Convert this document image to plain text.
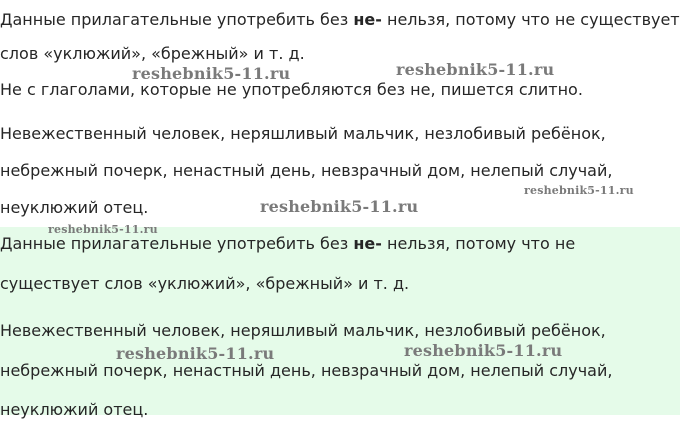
Данные прилагательные употребить без не- нельзя, потому что не существует
слов «уклюжий», «брежный» и т. д.
Не с глаголами, которые не употребляются без не, пишется слитно.
Невежественный человек, неряшливый мальчик, незлобивый ребёнок,
небрежный почерк, ненастный день, невзрачный дом, нелепый случай,
неуклюжий отец.
Данные прилагательные употребить без не- нельзя, потому что не
существует слов «уклюжий», «брежный» и т. д.
Невежественный человек, неряшливый мальчик, незлобивый ребёнок,
небрежный почерк, ненастный день, невзрачный дом, нелепый случай,
неуклюжий отец.
reshebnik5-11.ru	reshebnik5-11.ru
reshebnik5-11.ru
reshebnik5-11.ru
reshebnik5-11.ru
reshebnik5-11.ru	reshebnik5-11.ru
